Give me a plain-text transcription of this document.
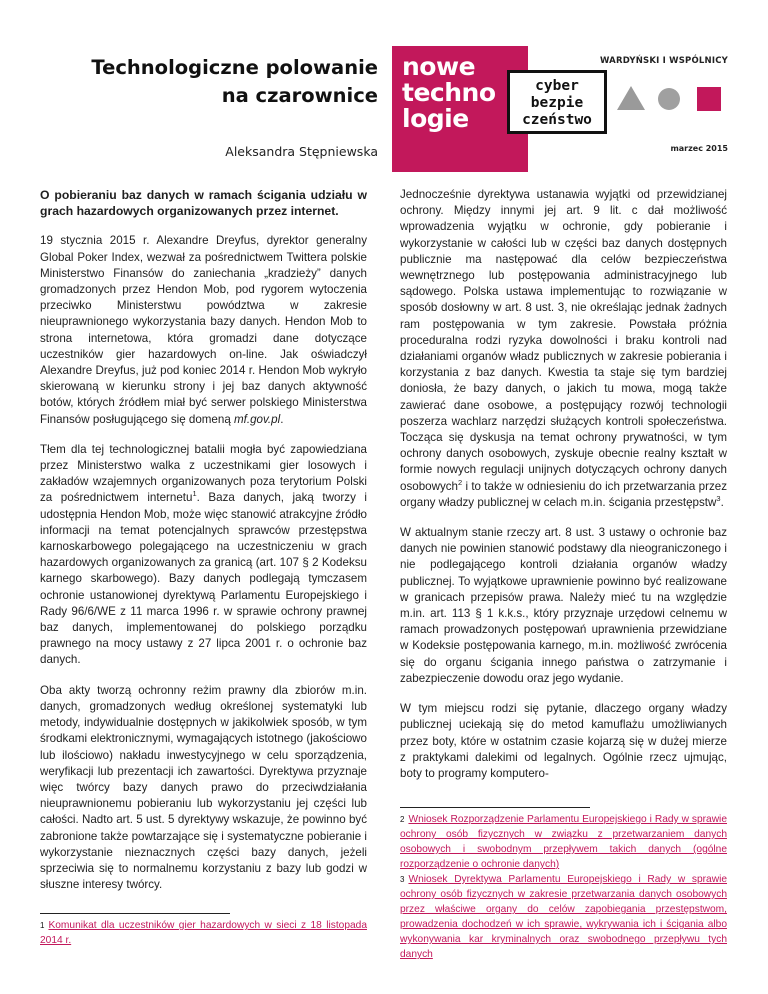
Technologiczne polowanie
na czarownice
Aleksandra Stępniewska
nowe
techno
logie
cyber
bezpie
czeństwo
WARDYŃSKI I WSPÓLNICY
marzec 2015

O pobieraniu baz danych w ramach ścigania udziału w grach hazardowych organizowanych przez internet.

19 stycznia 2015 r. Alexandre Dreyfus, dyrektor generalny Global Poker Index, wezwał za pośrednictwem Twittera polskie Ministerstwo Finansów do zaniechania „kradzieży” danych gromadzonych przez Hendon Mob, pod rygorem wytoczenia przeciwko Ministerstwu powództwa w zakresie nieuprawnionego wykorzystania bazy danych. Hendon Mob to strona internetowa, która gromadzi dane dotyczące uczestników gier hazardowych on-line. Jak oświadczył Alexandre Dreyfus, już pod koniec 2014 r. Hendon Mob wykryło skierowaną w kierunku strony i jej baz danych aktywność botów, których źródłem miał być serwer polskiego Ministerstwa Finansów posługującego się domeną mf.gov.pl.

Tłem dla tej technologicznej batalii mogła być zapowiedziana przez Ministerstwo walka z uczestnikami gier losowych i zakładów wzajemnych organizowanych poza terytorium Polski za pośrednictwem internetu$^1$. Baza danych, jaką tworzy i udostępnia Hendon Mob, może więc stanowić atrakcyjne źródło informacji na temat potencjalnych sprawców przestępstwa karnoskarbowego polegającego na uczestniczeniu w grach hazardowych organizowanych za granicą (art. 107 § 2 Kodeksu karnego skarbowego). Bazy danych podlegają tymczasem ochronie ustanowionej dyrektywą Parlamentu Europejskiego i Rady 96/6/WE z 11 marca 1996 r. w sprawie ochrony prawnej baz danych, implementowanej do polskiego porządku prawnego na mocy ustawy z 27 lipca 2001 r. o ochronie baz danych.

Oba akty tworzą ochronny reżim prawny dla zbiorów m.in. danych, gromadzonych według określonej systematyki lub metody, indywidualnie dostępnych w jakikolwiek sposób, w tym środkami elektronicznymi, wymagających istotnego (jakościowo lub ilościowo) nakładu inwestycyjnego w celu sporządzenia, weryfikacji lub prezentacji ich zawartości. Dyrektywa przyznaje więc twórcy bazy danych prawo do przeciwdziałania nieuprawnionemu pobieraniu lub wykorzystaniu jej części lub całości. Nadto art. 5 ust. 5 dyrektywy wskazuje, że powinno być zabronione także powtarzające się i systematyczne pobieranie i wykorzystanie nieznacznych części bazy danych, jeżeli sprzeciwia się to normalnemu korzystaniu z bazy lub godzi w słuszne interesy twórcy.

$^1$ Komunikat dla uczestników gier hazardowych w sieci z 18 listopada 2014 r.

Jednocześnie dyrektywa ustanawia wyjątki od przewidzianej ochrony. Między innymi jej art. 9 lit. c dał możliwość wprowadzenia wyjątku w ochronie, gdy pobieranie i wykorzystanie w całości lub w części baz danych dostępnych publicznie ma następować dla celów bezpieczeństwa wewnętrznego lub postępowania administracyjnego lub sądowego. Polska ustawa implementując to rozwiązanie w sposób dosłowny w art. 8 ust. 3, nie określając jednak żadnych ram postępowania w tym zakresie. Powstała próżnia proceduralna rodzi ryzyka dowolności i braku kontroli nad działaniami organów władz publicznych w zakresie pobierania i korzystania z baz danych. Kwestia ta staje się tym bardziej doniosła, że bazy danych, o jakich tu mowa, mogą także zawierać dane osobowe, a postępujący rozwój technologii poszerza wachlarz narzędzi służących kontroli społeczeństwa. Tocząca się dyskusja na temat ochrony prywatności, w tym ochrony danych osobowych, zyskuje obecnie realny kształt w formie nowych regulacji unijnych dotyczących ochrony danych osobowych$^2$ i to także w odniesieniu do ich przetwarzania przez organy władzy publicznej w celach m.in. ścigania przestępstw$^3$.

W aktualnym stanie rzeczy art. 8 ust. 3 ustawy o ochronie baz danych nie powinien stanowić podstawy dla nieograniczonego i nie podlegającego kontroli działania organów władzy publicznej. To wyjątkowe uprawnienie powinno być realizowane w granicach przepisów prawa. Należy mieć tu na względzie m.in. art. 113 § 1 k.k.s., który przyznaje urzędowi celnemu w ramach prowadzonych postępowań uprawnienia przewidziane w Kodeksie postępowania karnego, m.in. możliwość zwrócenia się do organu ścigania innego państwa o zatrzymanie i zabezpieczenie dowodu oraz jego wydanie.

W tym miejscu rodzi się pytanie, dlaczego organy władzy publicznej uciekają się do metod kamuflażu umożliwianych przez boty, które w ostatnim czasie kojarzą się w dużej mierze z praktykami dalekimi od legalnych. Ogólnie rzecz ujmując, boty to programy komputero-

$^2$ Wniosek Rozporządzenie Parlamentu Europejskiego i Rady w sprawie ochrony osób fizycznych w związku z przetwarzaniem danych osobowych i swobodnym przepływem takich danych (ogólne rozporządzenie o ochronie danych)
$^3$ Wniosek Dyrektywa Parlamentu Europejskiego i Rady w sprawie ochrony osób fizycznych w zakresie przetwarzania danych osobowych przez właściwe organy do celów zapobiegania przestępstwom, prowadzenia dochodzeń w ich sprawie, wykrywania ich i ścigania albo wykonywania kar kryminalnych oraz swobodnego przepływu tych danych
